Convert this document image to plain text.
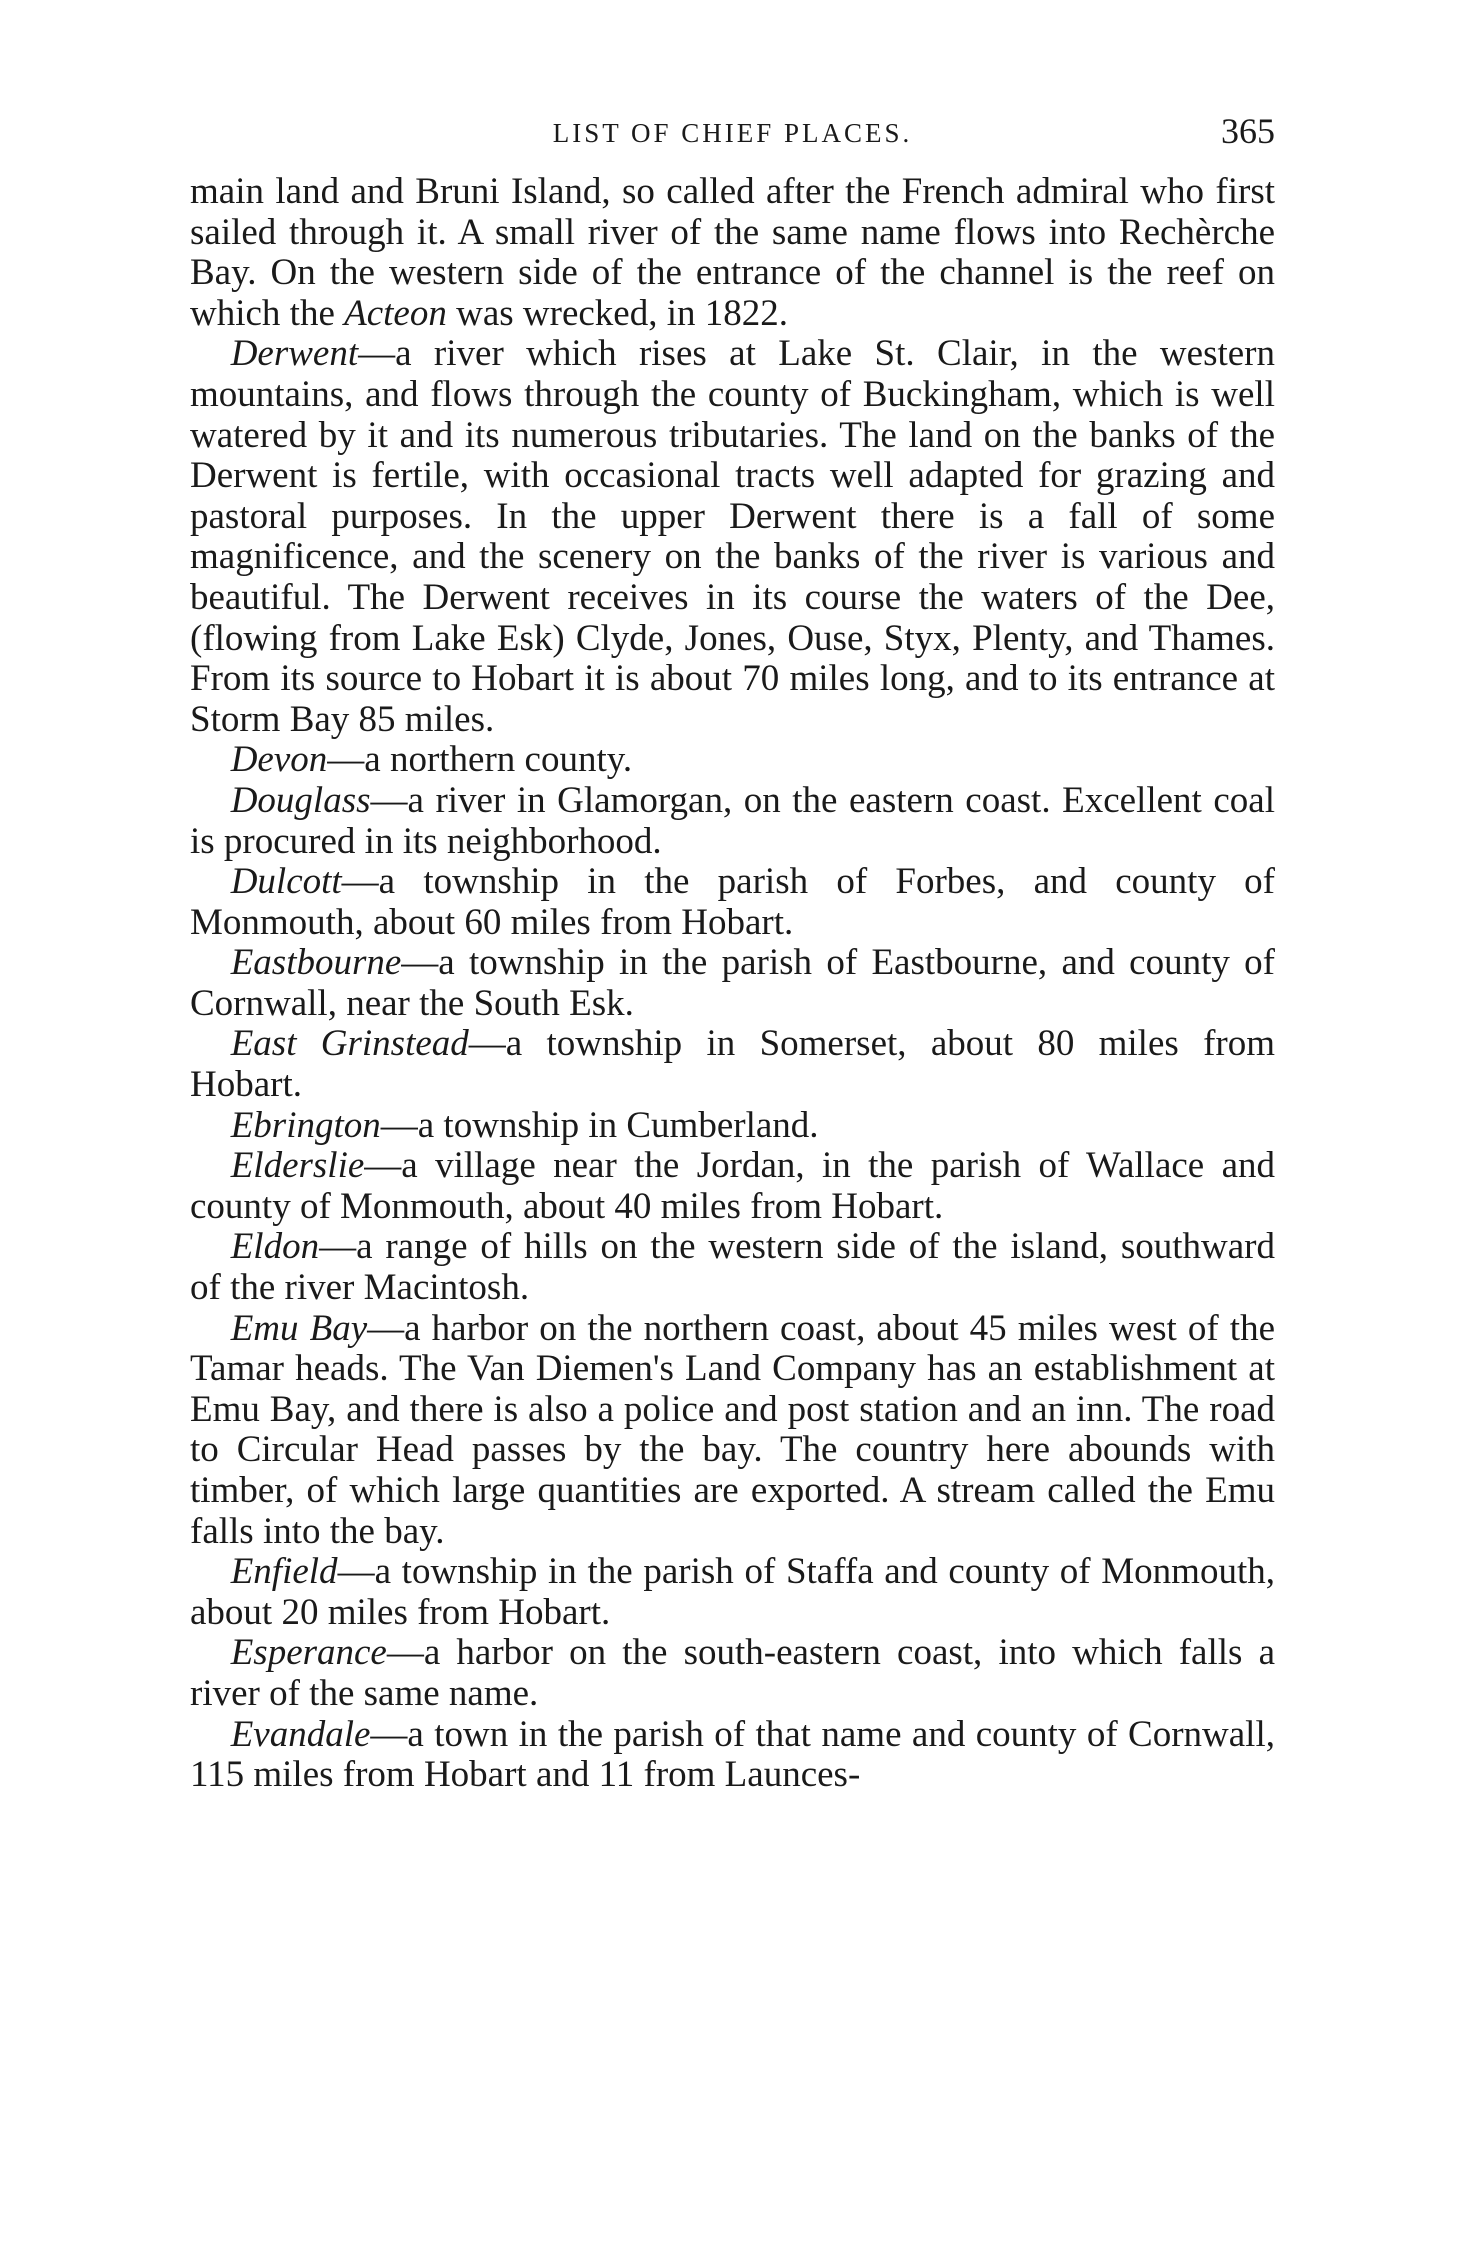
LIST OF CHIEF PLACES.	365

main land and Bruni Island, so called after the French admiral who first sailed through it. A small river of the same name flows into Rechèrche Bay. On the western side of the entrance of the channel is the reef on which the Acteon was wrecked, in 1822.

Derwent—a river which rises at Lake St. Clair, in the western mountains, and flows through the county of Buckingham, which is well watered by it and its numerous tributaries. The land on the banks of the Derwent is fertile, with occasional tracts well adapted for grazing and pastoral purposes. In the upper Derwent there is a fall of some magnificence, and the scenery on the banks of the river is various and beautiful. The Derwent receives in its course the waters of the Dee, (flowing from Lake Esk) Clyde, Jones, Ouse, Styx, Plenty, and Thames. From its source to Hobart it is about 70 miles long, and to its entrance at Storm Bay 85 miles.

Devon—a northern county.

Douglass—a river in Glamorgan, on the eastern coast. Excellent coal is procured in its neighborhood.

Dulcott—a township in the parish of Forbes, and county of Monmouth, about 60 miles from Hobart.

Eastbourne—a township in the parish of Eastbourne, and county of Cornwall, near the South Esk.

East Grinstead—a township in Somerset, about 80 miles from Hobart.

Ebrington—a township in Cumberland.

Elderslie—a village near the Jordan, in the parish of Wallace and county of Monmouth, about 40 miles from Hobart.

Eldon—a range of hills on the western side of the island, southward of the river Macintosh.

Emu Bay—a harbor on the northern coast, about 45 miles west of the Tamar heads. The Van Diemen's Land Company has an establishment at Emu Bay, and there is also a police and post station and an inn. The road to Circular Head passes by the bay. The country here abounds with timber, of which large quantities are exported. A stream called the Emu falls into the bay.

Enfield—a township in the parish of Staffa and county of Monmouth, about 20 miles from Hobart.

Esperance—a harbor on the south-eastern coast, into which falls a river of the same name.

Evandale—a town in the parish of that name and county of Cornwall, 115 miles from Hobart and 11 from Launces-
